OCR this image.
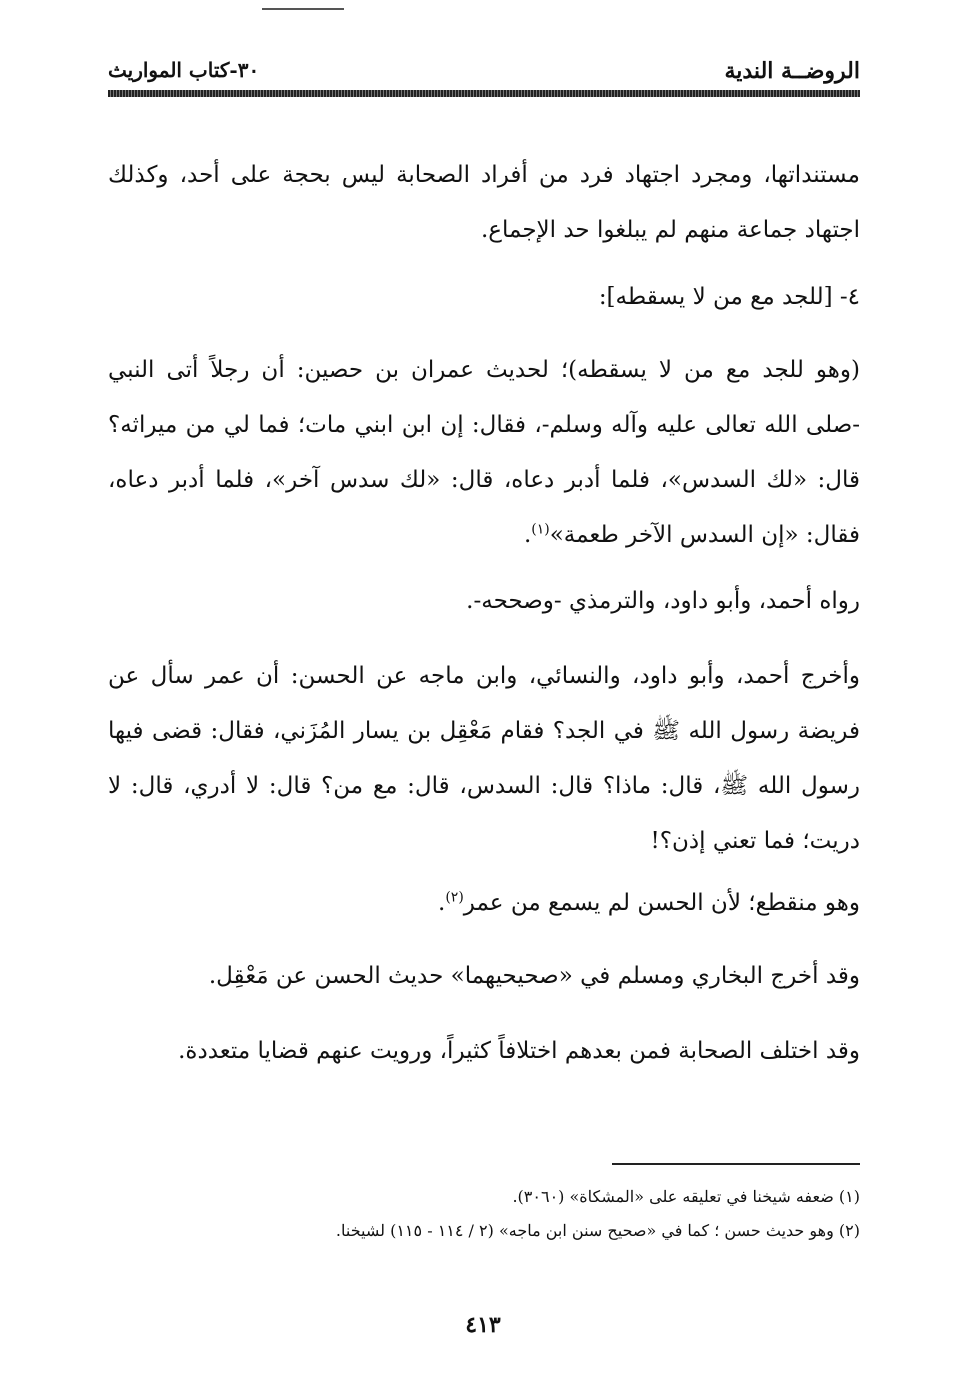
الروضــة الندية
٣٠-كتاب المواريث

مستنداتها، ومجرد اجتهاد فرد من أفراد الصحابة ليس بحجة على أحد، وكذلك اجتهاد جماعة منهم لم يبلغوا حد الإجماع.

٤- [للجد مع من لا يسقطه]:

(وهو للجد مع من لا يسقطه)؛ لحديث عمران بن حصين: أن رجلاً أتى النبي -صلى الله تعالى عليه وآله وسلم-، فقال: إن ابن ابني مات؛ فما لي من ميراثه؟ قال: «لك السدس»، فلما أدبر دعاه، قال: «لك سدس آخر»، فلما أدبر دعاه، فقال: «إن السدس الآخر طعمة»$^{(١)}$.

رواه أحمد، وأبو داود، والترمذي -وصححه-.

وأخرج أحمد، وأبو داود، والنسائي، وابن ماجه عن الحسن: أن عمر سأل عن فريضة رسول الله ﷺ في الجد؟ فقام مَعْقِل بن يسار المُزَني، فقال: قضى فيها رسول الله ﷺ، قال: ماذا؟ قال: السدس، قال: مع من؟ قال: لا أدري، قال: لا دريت؛ فما تعني إذن؟!

وهو منقطع؛ لأن الحسن لم يسمع من عمر$^{(٢)}$.

وقد أخرج البخاري ومسلم في «صحيحيهما» حديث الحسن عن مَعْقِل.

وقد اختلف الصحابة فمن بعدهم اختلافاً كثيراً، ورويت عنهم قضايا متعددة.

(١) ضعفه شيخنا في تعليقه على «المشكاة» (٣٠٦٠).
(٢) وهو حديث حسن ؛ كما في «صحيح سنن ابن ماجه» (٢ / ١١٤ - ١١٥) لشيخنا.
٤١٣
